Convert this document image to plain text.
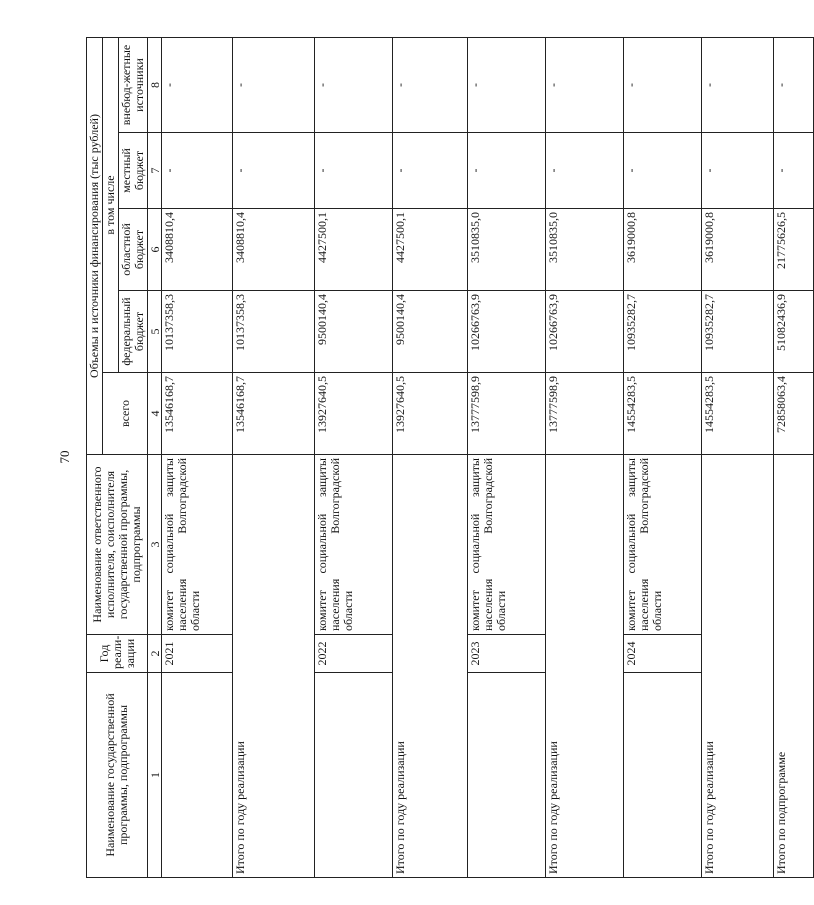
70
Наименование государственной программы, подпрограммы	Год реали-зации	Наименование ответственного исполнителя, соисполнителя государственной программы, подпрограммы	Объемы и источники финансирования (тыс рублей)				
			всего	в том числе			
				федеральный бюджет	областной бюджет	местный бюджет	внебюд-жетные источники
1	2	3	4	5	6	7	8
	2021	комитет социальной защиты населения Волгоградской области	13546168,7	10137358,3	3408810,4	-	-
Итого по году реализации			13546168,7	10137358,3	3408810,4	-	-
	2022	комитет социальной защиты населения Волгоградской области	13927640,5	9500140,4	4427500,1	-	-
Итого по году реализации			13927640,5	9500140,4	4427500,1	-	-
	2023	комитет социальной защиты населения Волгоградской области	13777598,9	10266763,9	3510835,0	-	-
Итого по году реализации			13777598,9	10266763,9	3510835,0	-	-
	2024	комитет социальной защиты населения Волгоградской области	14554283,5	10935282,7	3619000,8	-	-
Итого по году реализации			14554283,5	10935282,7	3619000,8	-	-
Итого по подпрограмме			72858063,4	51082436,9	21775626,5	-	-
